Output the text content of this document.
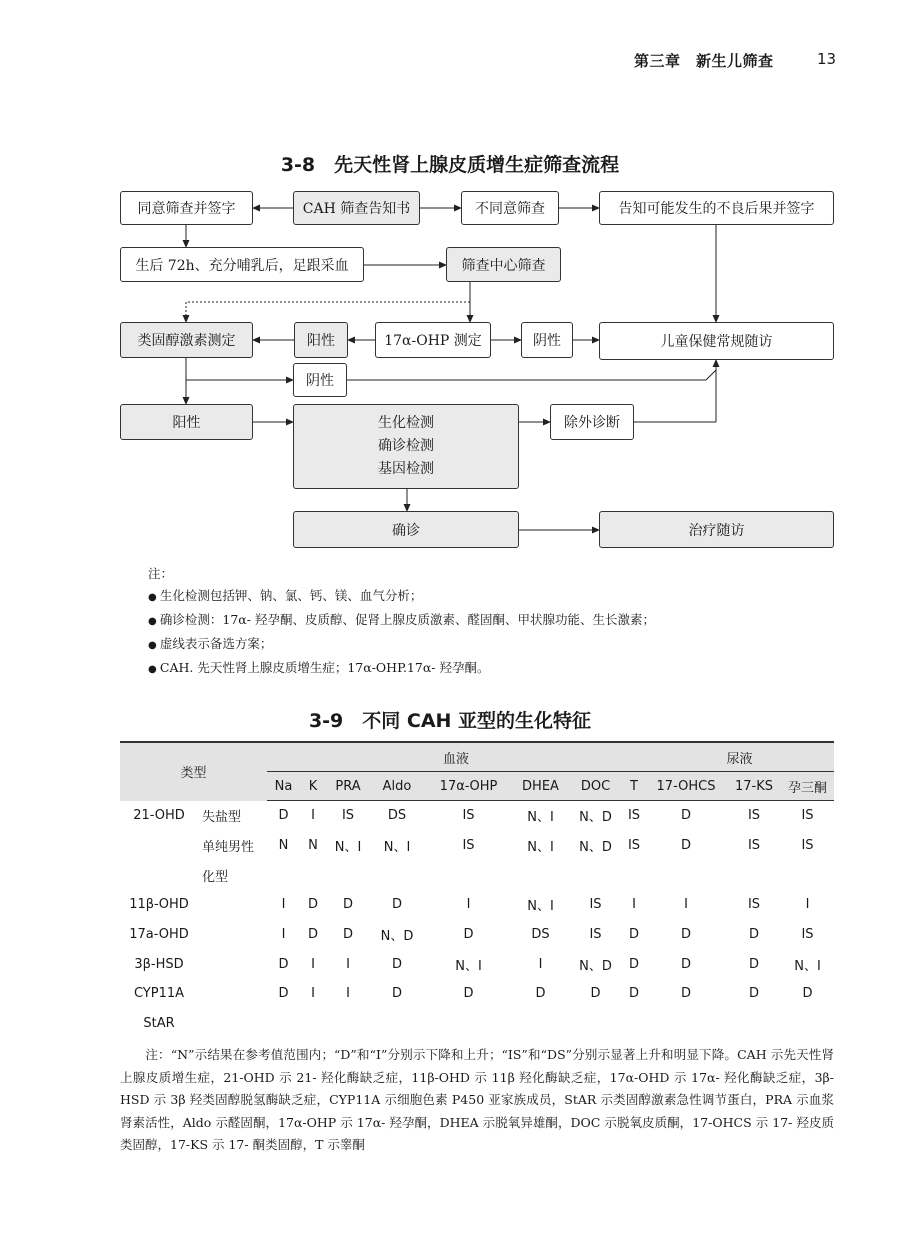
第三章　新生儿筛查	13
3-8　先天性肾上腺皮质增生症筛查流程
同意筛查并签字	CAH 筛查告知书	不同意筛查	告知可能发生的不良后果并签字
生后 72h、充分哺乳后，足跟采血	筛查中心筛查
类固醇激素测定	阳性	17α-OHP 测定	阴性	儿童保健常规随访
阴性
阳性	生化检测
确诊检测
基因检测
除外诊断
确诊	治疗随访
注：
● 生化检测包括钾、钠、氯、钙、镁、血气分析；
● 确诊检测：17α- 羟孕酮、皮质醇、促肾上腺皮质激素、醛固酮、甲状腺功能、生长激素；
● 虚线表示备选方案；
● CAH. 先天性肾上腺皮质增生症；17α-OHP.17α- 羟孕酮。
3-9　不同 CAH 亚型的生化特征
类型		血液								尿液		
		Na	K	PRA	Aldo	17α-OHP	DHEA	DOC	T	17-OHCS	17-KS	孕三酮
21-OHD	失盐型	D	I	IS	DS	IS	N、I	N、D	IS	D	IS	IS
	单纯男性	N	N	N、I	N、I	IS	N、I	N、D	IS	D	IS	IS
	化型											
11β-OHD		I	D	D	D	I	N、I	IS	I	I	IS	I
17a-OHD		I	D	D	N、D	D	DS	IS	D	D	D	IS
3β-HSD		D	I	I	D	N、I	I	N、D	D	D	D	N、I
CYP11A		D	I	I	D	D	D	D	D	D	D	D
StAR												
　　注：“N”示结果在参考值范围内；“D”和“I”分别示下降和上升；“IS”和“DS”分别示显著上升和明显下降。CAH 示先天性肾上腺皮质增生症，21-OHD 示 21- 羟化酶缺乏症，11β-OHD 示 11β 羟化酶缺乏症，17α-OHD 示 17α- 羟化酶缺乏症，3β-HSD 示 3β 羟类固醇脱氢酶缺乏症，CYP11A 示细胞色素 P450 亚家族成员，StAR 示类固醇激素急性调节蛋白，PRA 示血浆肾素活性，Aldo 示醛固酮，17α-OHP 示 17α- 羟孕酮，DHEA 示脱氧异雄酮，DOC 示脱氧皮质酮，17-OHCS 示 17- 羟皮质类固醇，17-KS 示 17- 酮类固醇，T 示睾酮
